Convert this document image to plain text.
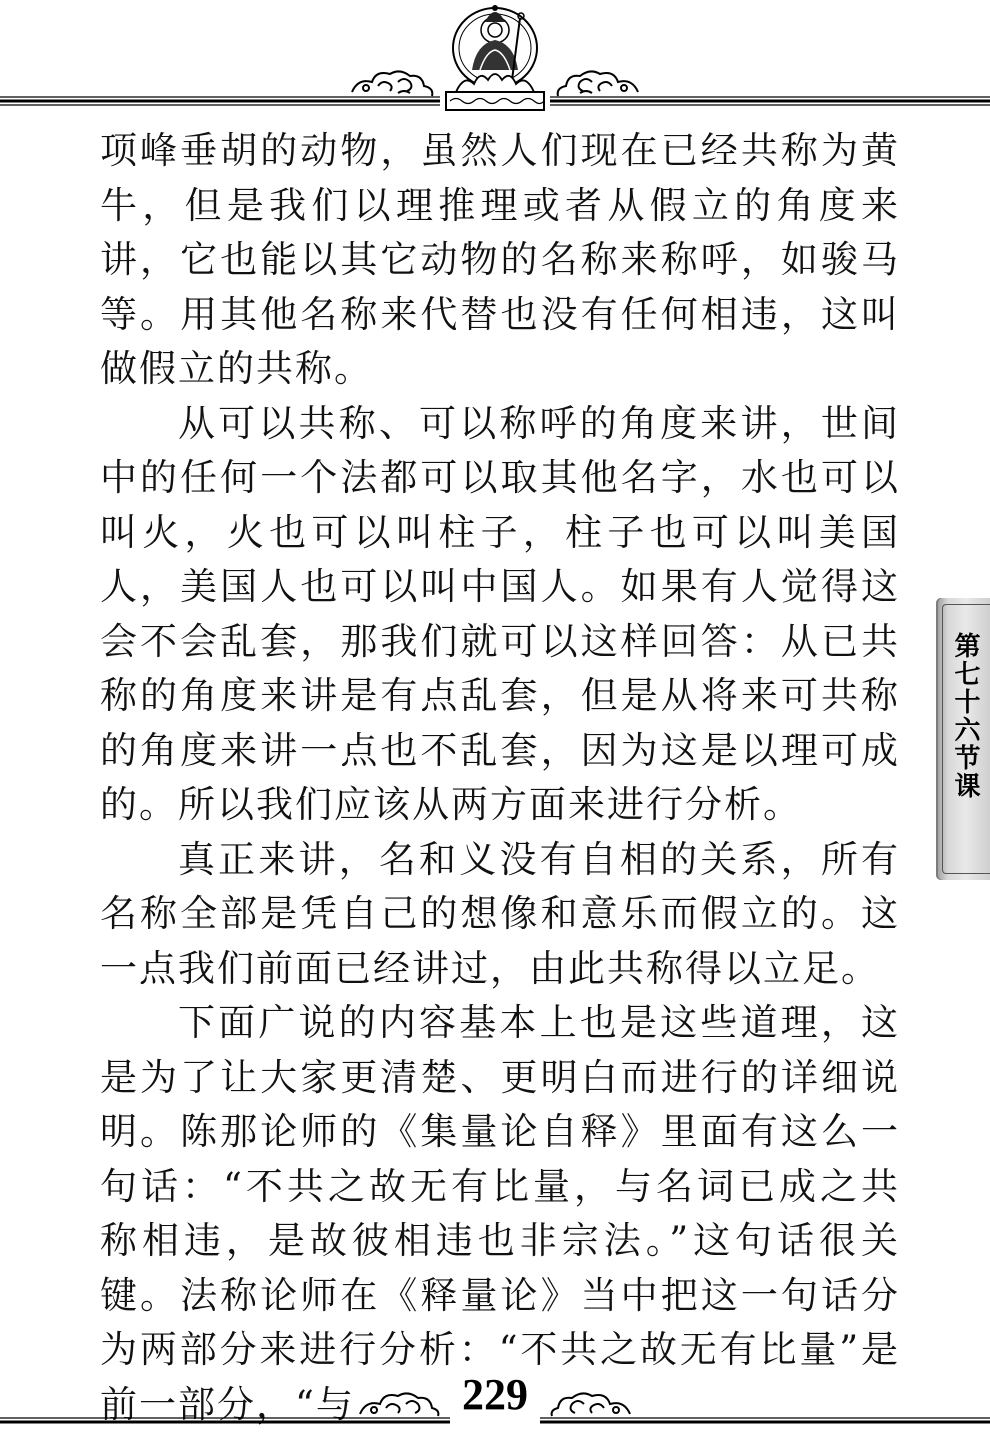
项峰垂胡的动物，虽然人们现在已经共称为黄牛，但是我们以理推理或者从假立的角度来讲，它也能以其它动物的名称来称呼，如骏马等。用其他名称来代替也没有任何相违，这叫做假立的共称。

从可以共称、可以称呼的角度来讲，世间中的任何一个法都可以取其他名字，水也可以叫火，火也可以叫柱子，柱子也可以叫美国人，美国人也可以叫中国人。如果有人觉得这会不会乱套，那我们就可以这样回答：从已共称的角度来讲是有点乱套，但是从将来可共称的角度来讲一点也不乱套，因为这是以理可成的。所以我们应该从两方面来进行分析。

真正来讲，名和义没有自相的关系，所有名称全部是凭自己的想像和意乐而假立的。这一点我们前面已经讲过，由此共称得以立足。

下面广说的内容基本上也是这些道理，这是为了让大家更清楚、更明白而进行的详细说明。陈那论师的《集量论自释》里面有这么一句话：“不共之故无有比量，与名词已成之共称相违，是故彼相违也非宗法。”这句话很关键。法称论师在《释量论》当中把这一句话分为两部分来进行分析：“不共之故无有比量”是前一部分，“与

第七十六节课
229
